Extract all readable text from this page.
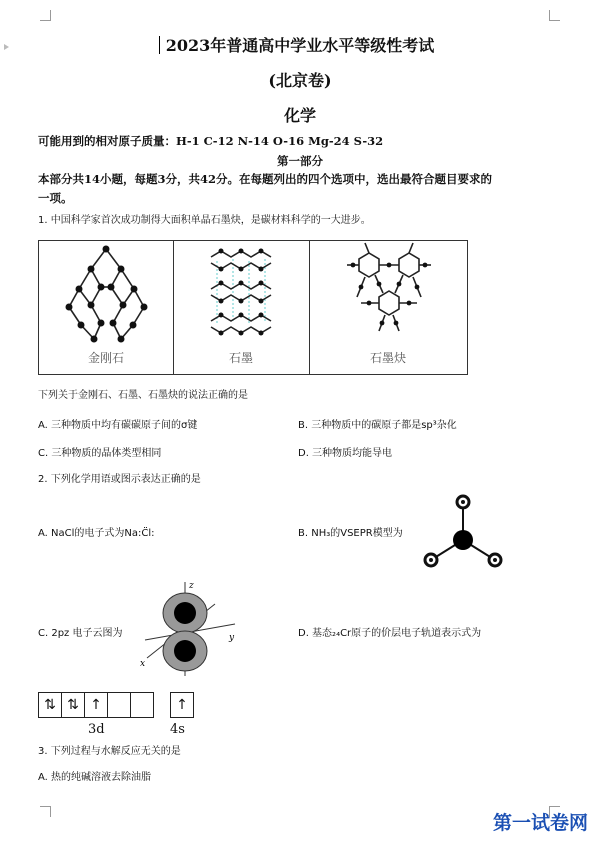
2023年普通高中学业水平等级性考试
(北京卷)
化学
可能用到的相对原子质量：H-1 C-12 N-14 O-16 Mg-24 S-32
第一部分
本部分共14小题，每题3分，共42分。在每题列出的四个选项中，选出最符合题目要求的
一项。
1. 中国科学家首次成功制得大面积单晶石墨炔，是碳材料科学的一大进步。
金刚石	石墨	石墨炔
下列关于金刚石、石墨、石墨炔的说法正确的是
A. 三种物质中均有碳碳原子间的σ键	B. 三种物质中的碳原子都是sp³杂化
C. 三种物质的晶体类型相同	D. 三种物质均能导电
2. 下列化学用语或图示表达正确的是
A. NaCl的电子式为Na:C̈l:	B. NH₃的VSEPR模型为
C. 2pz 电子云图为
z
y
x
D. 基态₂₄Cr原子的价层电子轨道表示式为
⇅ ⇅ ↑	↑
3d	4s
3. 下列过程与水解反应无关的是
A. 热的纯碱溶液去除油脂
第一试卷网
